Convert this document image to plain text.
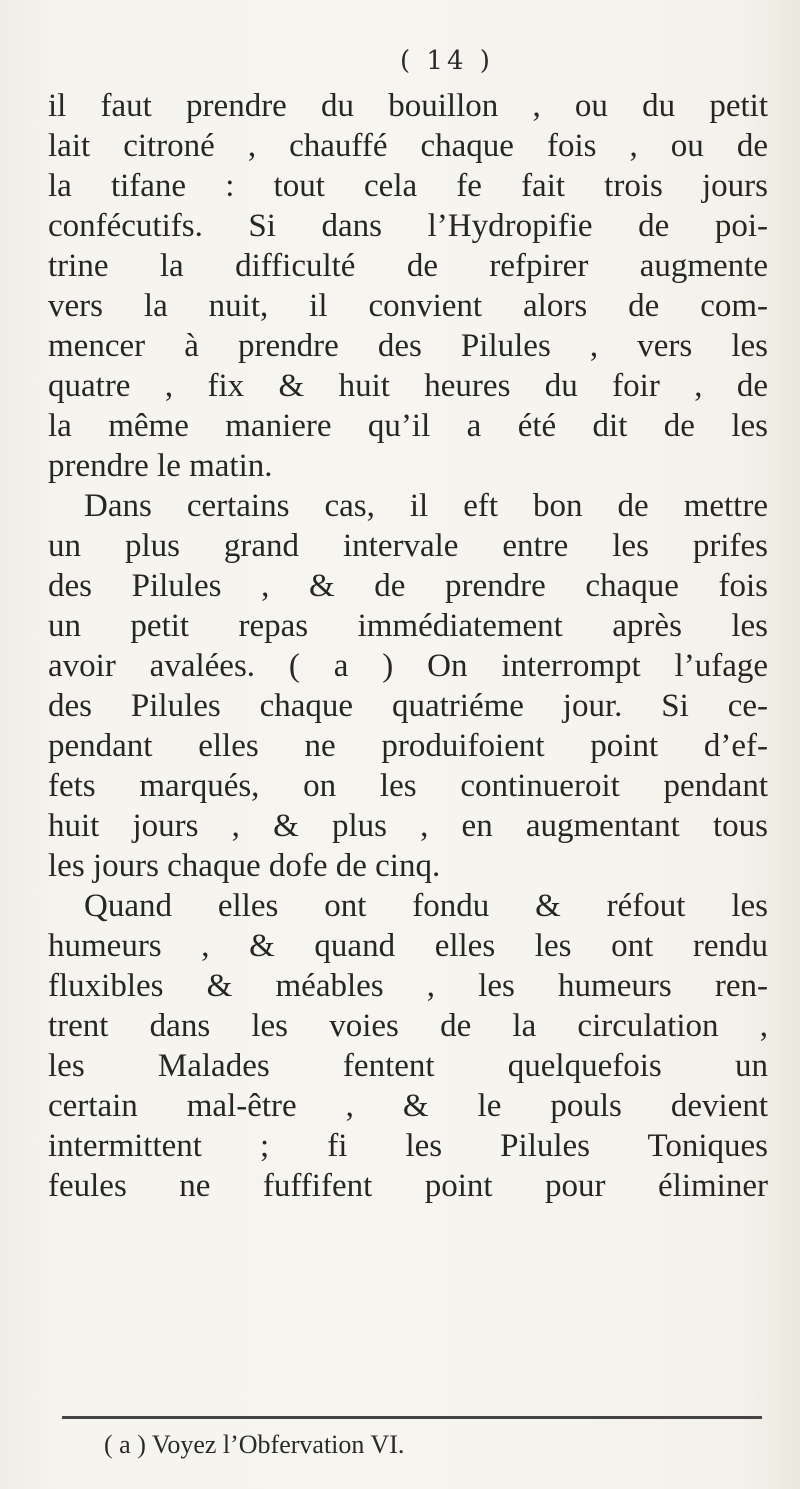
( 14 )
il faut prendre du bouillon , ou du petit
lait citroné , chauffé chaque fois , ou de
la tifane : tout cela fe fait trois jours
confécutifs. Si dans l’Hydropifie de poi-
trine la difficulté de refpirer augmente
vers la nuit, il convient alors de com-
mencer à prendre des Pilules , vers les
quatre , fix & huit heures du foir , de
la même maniere qu’il a été dit de les
prendre le matin.
Dans certains cas, il eft bon de mettre
un plus grand intervale entre les prifes
des Pilules , & de prendre chaque fois
un petit repas immédiatement après les
avoir avalées. ( a ) On interrompt l’ufage
des Pilules chaque quatriéme jour. Si ce-
pendant elles ne produifoient point d’ef-
fets marqués, on les continueroit pendant
huit jours , & plus , en augmentant tous
les jours chaque dofe de cinq.
Quand elles ont fondu & réfout les
humeurs , & quand elles les ont rendu
fluxibles & méables , les humeurs ren-
trent dans les voies de la circulation ,
les Malades fentent quelquefois un
certain mal-être , & le pouls devient
intermittent ; fi les Pilules Toniques
feules ne fuffifent point pour éliminer
( a ) Voyez l’Obfervation VI.
